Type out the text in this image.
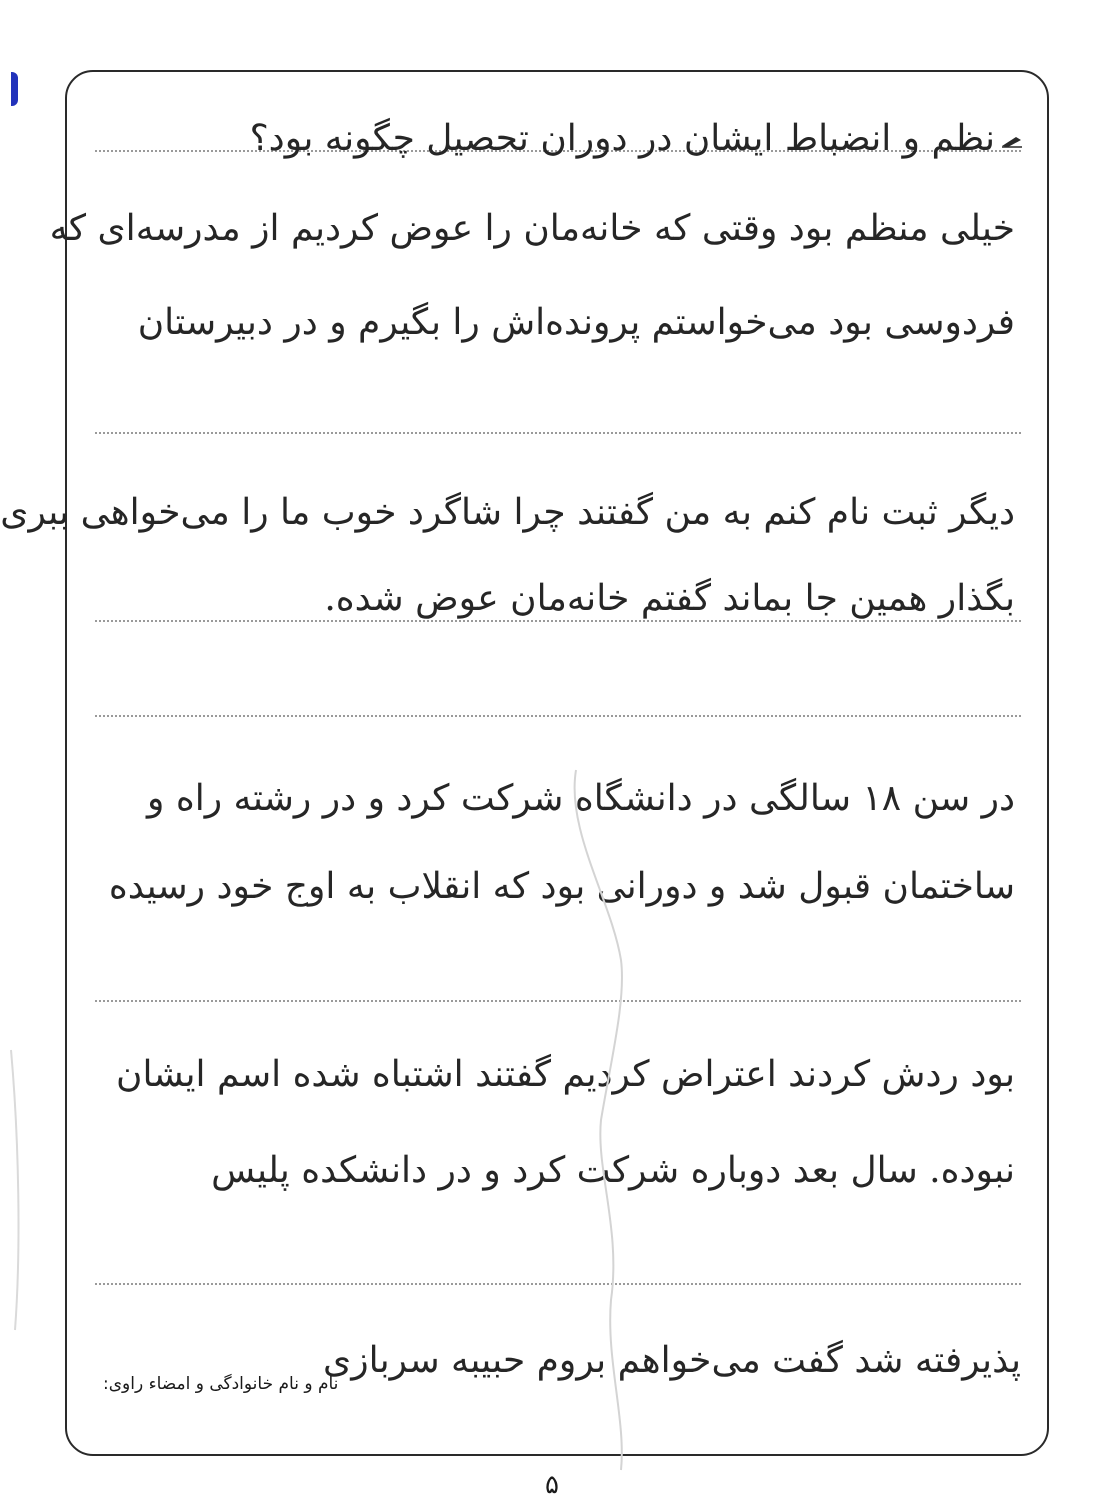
نظم و انضباط ایشان در دوران تحصیل چگونه بود؟
خیلی منظم بود وقتی که خانه‌مان را عوض کردیم از مدرسه‌ای که
فردوسی بود می‌خواستم پرونده‌اش را بگیرم و در دبیرستان
دیگر ثبت نام کنم به من گفتند چرا شاگرد خوب ما را می‌خواهی ببری
بگذار همین جا بماند گفتم خانه‌مان عوض شده.
در سن ۱۸ سالگی در دانشگاه شرکت کرد و در رشته راه و
ساختمان قبول شد و دورانی بود که انقلاب به اوج خود رسیده
بود ردش کردند اعتراض کردیم گفتند اشتباه شده اسم ایشان
نبوده. سال بعد دوباره شرکت کرد و در دانشکده پلیس
پذیرفته شد گفت می‌خواهم بروم حبیبه سربازی
نام و نام خانوادگی و امضاء راوی:
۵
